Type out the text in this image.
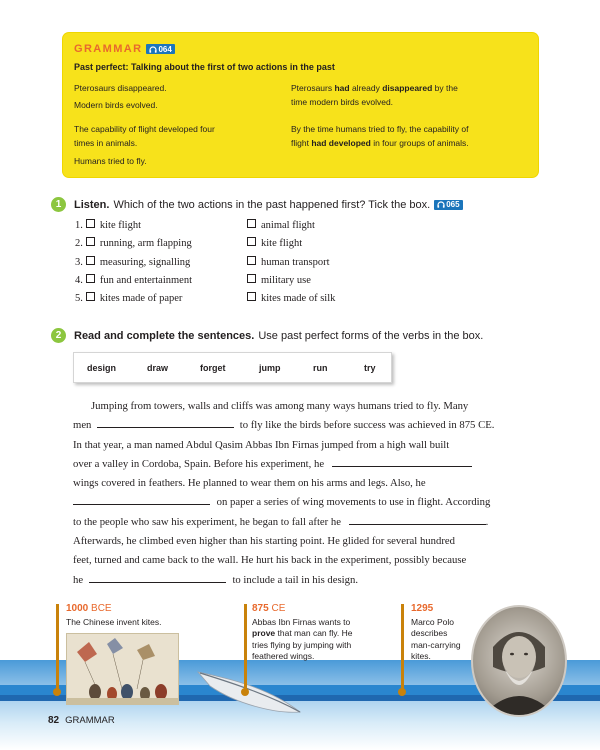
GRAMMAR 064
Past perfect: Talking about the first of two actions in the past

Pterosaurs disappeared.

Modern birds evolved.

Pterosaurs had already disappeared by the

time modern birds evolved.

The capability of flight developed four

times in animals.

Humans tried to fly.

By the time humans tried to fly, the capability of

flight had developed in four groups of animals.

1	Listen. Which of the two actions in the past happened first? Tick the box. 065
1. kite flight	animal flight
2. running, arm flapping	kite flight
3. measuring, signalling	human transport
4. fun and entertainment	military use
5. kites made of paper	kites made of silk
2	Read and complete the sentences. Use past perfect forms of the verbs in the box.
design	draw	forget	jump	run	try
Jumping from towers, walls and cliffs was among many ways humans tried to fly. Many
men	to fly like the birds before success was achieved in 875 CE.
In that year, a man named Abdul Qasim Abbas Ibn Firnas jumped from a high wall built
over a valley in Cordoba, Spain. Before his experiment, he
wings covered in feathers. He planned to wear them on his arms and legs. Also, he
on paper a series of wing movements to use in flight. According
to the people who saw his experiment, he began to fall after he	.
Afterwards, he climbed even higher than his starting point. He glided for several hundred
feet, turned and came back to the wall. He hurt his back in the experiment, possibly because
he	to include a tail in his design.
1000 BCE

The Chinese invent kites.

875 CE

Abbas Ibn Firnas wants to

prove that man can fly. He

tries flying by jumping with

feathered wings.

1295

Marco Polo

describes

man-carrying

kites.

82 GRAMMAR
